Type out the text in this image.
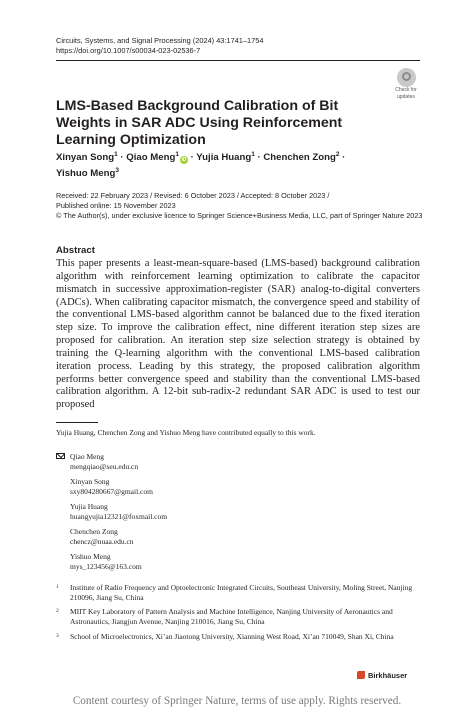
Circuits, Systems, and Signal Processing (2024) 43:1741–1754
https://doi.org/10.1007/s00034-023-02536-7
Check for
updates
LMS-Based Background Calibration of Bit Weights in SAR ADC Using Reinforcement Learning Optimization
Xinyan Song$^1$ · Qiao Meng$^1$iD · Yujia Huang$^1$ · Chenchen Zong$^2$ ·
Yishuo Meng$^3$
Received: 22 February 2023 / Revised: 6 October 2023 / Accepted: 8 October 2023 /
Published online: 15 November 2023
© The Author(s), under exclusive licence to Springer Science+Business Media, LLC, part of Springer Nature 2023
Abstract
This paper presents a least-mean-square-based (LMS-based) background calibration algorithm with reinforcement learning optimization to calibrate the capacitor mismatch in successive approximation-register (SAR) analog-to-digital converters (ADCs). When calibrating capacitor mismatch, the convergence speed and stability of the conventional LMS-based algorithm cannot be balanced due to the fixed iteration step size. To improve the calibration effect, nine different iteration step sizes are proposed for calibration. An iteration step size selection strategy is obtained by training the Q-learning algorithm with the conventional LMS-based calibration iteration process. Leading by this strategy, the proposed calibration algorithm performs better convergence speed and stability than the conventional LMS-based calibration algorithm. A 12-bit sub-radix-2 redundant SAR ADC is used to test our proposed
Yujia Huang, Chenchen Zong and Yishuo Meng have contributed equally to this work.
Qiao Meng
mengqiao@seu.edu.cn
Xinyan Song
sxy804280667@gmail.com
Yujia Huang
huangyujia12321@foxmail.com
Chenchen Zong
chencz@nuaa.edu.cn
Yishuo Meng
mys_123456@163.com
1 Institute of Radio Frequency and Optoelectronic Integrated Circuits, Southeast University, Moling Street, Nanjing 210096, Jiang Su, China
2 MIIT Key Laboratory of Pattern Analysis and Machine Intelligence, Nanjing University of Aeronautics and Astronautics, Jiangjun Avenue, Nanjing 210016, Jiang Su, China
3 School of Microelectronics, Xi’an Jiaotong University, Xianning West Road, Xi’an 710049, Shan Xi, China
Birkhäuser
Content courtesy of Springer Nature, terms of use apply. Rights reserved.
